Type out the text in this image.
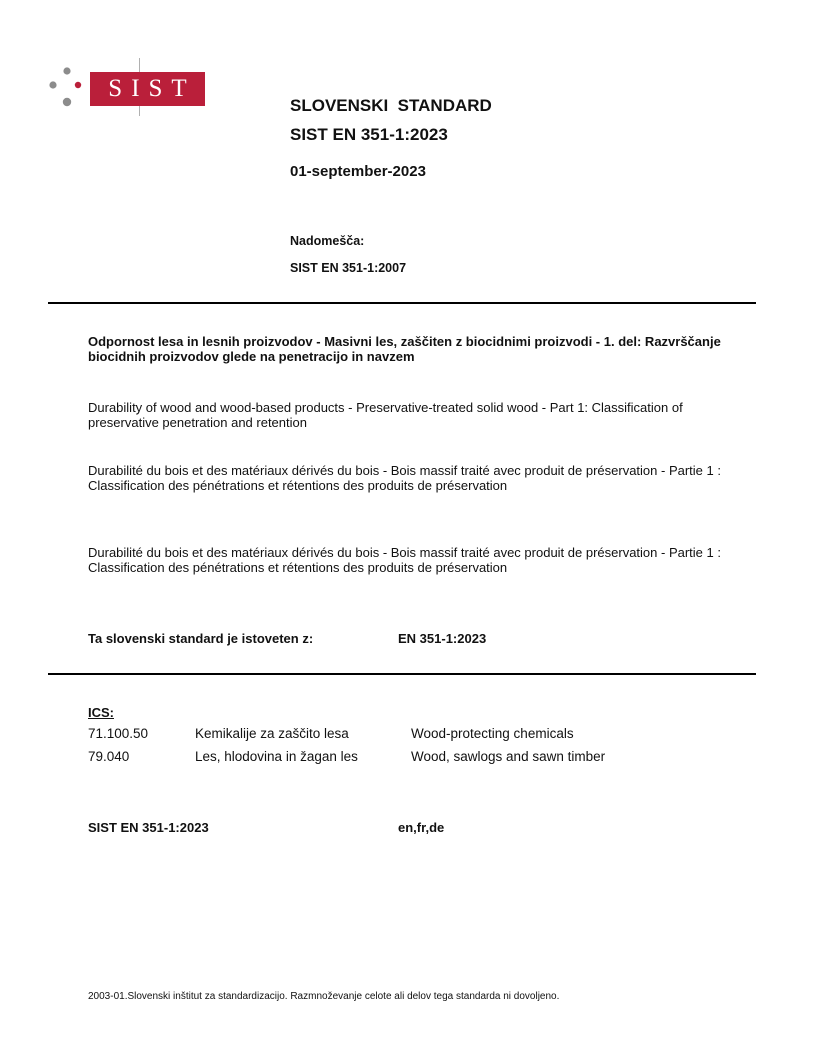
SIST
SLOVENSKI  STANDARD
SIST EN 351-1:2023
01-september-2023
Nadomešča:
SIST EN 351-1:2007
Odpornost lesa in lesnih proizvodov - Masivni les, zaščiten z biocidnimi proizvodi - 1. del: Razvrščanje biocidnih proizvodov glede na penetracijo in navzem
Durability of wood and wood-based products - Preservative-treated solid wood - Part 1: Classification of preservative penetration and retention
Durabilité du bois et des matériaux dérivés du bois - Bois massif traité avec produit de préservation - Partie 1 : Classification des pénétrations et rétentions des produits de préservation
Durabilité du bois et des matériaux dérivés du bois - Bois massif traité avec produit de préservation - Partie 1 : Classification des pénétrations et rétentions des produits de préservation
Ta slovenski standard je istoveten z:	EN 351-1:2023
ICS:
71.100.50	Kemikalije za zaščito lesa	Wood-protecting chemicals
79.040	Les, hlodovina in žagan les	Wood, sawlogs and sawn timber
SIST EN 351-1:2023	en,fr,de
2003-01.Slovenski inštitut za standardizacijo. Razmnoževanje celote ali delov tega standarda ni dovoljeno.
